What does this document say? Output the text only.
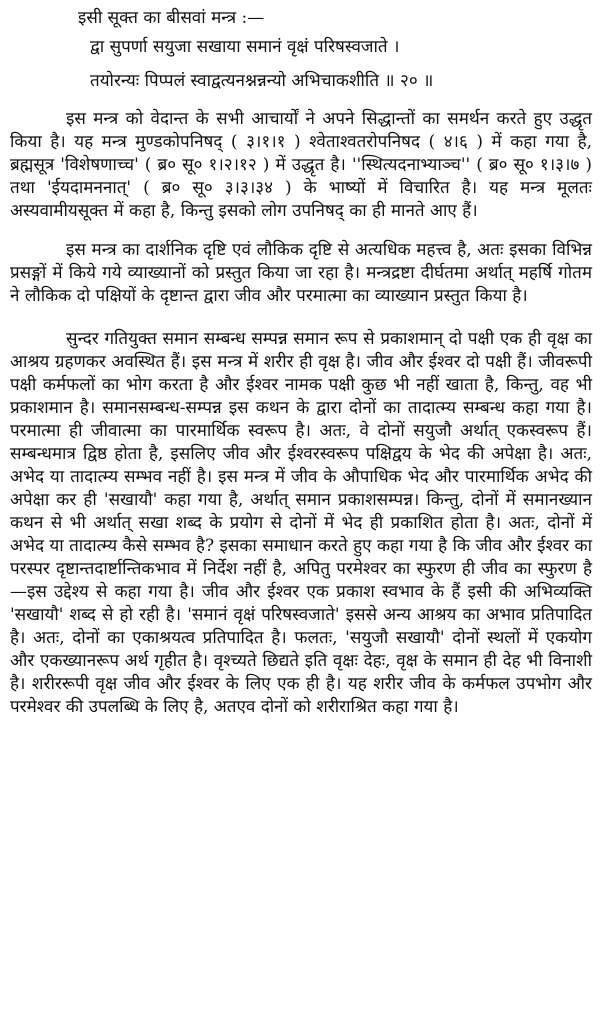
इसी सूक्त का बीसवां मन्त्र :—

द्वा सुपर्णा सयुजा सखाया समानं वृक्षं परिषस्वजाते ।

तयोरन्यः पिप्पलं स्वाद्वत्यनश्नन्नन्यो अभिचाकशीति ॥ २० ॥

इस मन्त्र को वेदान्त के सभी आचार्यों ने अपने सिद्धान्तों का समर्थन करते हुए उद्धृत किया है। यह मन्त्र मुण्डकोपनिषद् ( ३।१।१ ) श्वेताश्वतरोपनिषद ( ४।६ ) में कहा गया है, ब्रह्मसूत्र 'विशेषणाच्च' ( ब्र० सू० १।२।१२ ) में उद्धृत है। ''स्थित्यदनाभ्याञ्च'' ( ब्र० सू० १।३।७ ) तथा 'ईयदामननात्' ( ब्र० सू० ३।३।३४ ) के भाष्यों में विचारित है। यह मन्त्र मूलतः अस्यवामीयसूक्त में कहा है, किन्तु इसको लोग उपनिषद् का ही मानते आए हैं।

इस मन्त्र का दार्शनिक दृष्टि एवं लौकिक दृष्टि से अत्यधिक महत्त्व है, अतः इसका विभिन्न प्रसङ्गों में किये गये व्याख्यानों को प्रस्तुत किया जा रहा है। मन्त्रद्रष्टा दीर्घतमा अर्थात् महर्षि गोतम ने लौकिक दो पक्षियों के दृष्टान्त द्वारा जीव और परमात्मा का व्याख्यान प्रस्तुत किया है।

सुन्दर गतियुक्त समान सम्बन्ध सम्पन्न समान रूप से प्रकाशमान् दो पक्षी एक ही वृक्ष का आश्रय ग्रहणकर अवस्थित हैं। इस मन्त्र में शरीर ही वृक्ष है। जीव और ईश्वर दो पक्षी हैं। जीवरूपी पक्षी कर्मफलों का भोग करता है और ईश्वर नामक पक्षी कुछ भी नहीं खाता है, किन्तु, वह भी प्रकाशमान है। समानसम्बन्ध-सम्पन्न इस कथन के द्वारा दोनों का तादात्म्य सम्बन्ध कहा गया है। परमात्मा ही जीवात्मा का पारमार्थिक स्वरूप है। अतः, वे दोनों सयुजौ अर्थात् एकस्वरूप हैं। सम्बन्धमात्र द्विष्ठ होता है, इसलिए जीव और ईश्वरस्वरूप पक्षिद्वय के भेद की अपेक्षा है। अतः, अभेद या तादात्म्य सम्भव नहीं है। इस मन्त्र में जीव के औपाधिक भेद और पारमार्थिक अभेद की अपेक्षा कर ही 'सखायौ' कहा गया है, अर्थात् समान प्रकाशसम्पन्न। किन्तु, दोनों में समानख्यान कथन से भी अर्थात् सखा शब्द के प्रयोग से दोनों में भेद ही प्रकाशित होता है। अतः, दोनों में अभेद या तादात्म्य कैसे सम्भव है? इसका समाधान करते हुए कहा गया है कि जीव और ईश्वर का परस्पर दृष्टान्तदार्ष्टान्तिकभाव में निर्देश नहीं है, अपितु परमेश्वर का स्फुरण ही जीव का स्फुरण है—इस उद्देश्य से कहा गया है। जीव और ईश्वर एक प्रकाश स्वभाव के हैं इसी की अभिव्यक्ति 'सखायौ' शब्द से हो रही है। 'समानं वृक्षं परिषस्वजाते' इससे अन्य आश्रय का अभाव प्रतिपादित है। अतः, दोनों का एकाश्रयत्व प्रतिपादित है। फलतः, 'सयुजौ सखायौ' दोनों स्थलों में एकयोग और एकख्यानरूप अर्थ गृहीत है। वृश्च्यते छिद्यते इति वृक्षः देहः, वृक्ष के समान ही देह भी विनाशी है। शरीररूपी वृक्ष जीव और ईश्वर के लिए एक ही है। यह शरीर जीव के कर्मफल उपभोग और परमेश्वर की उपलब्धि के लिए है, अतएव दोनों को शरीराश्रित कहा गया है।
